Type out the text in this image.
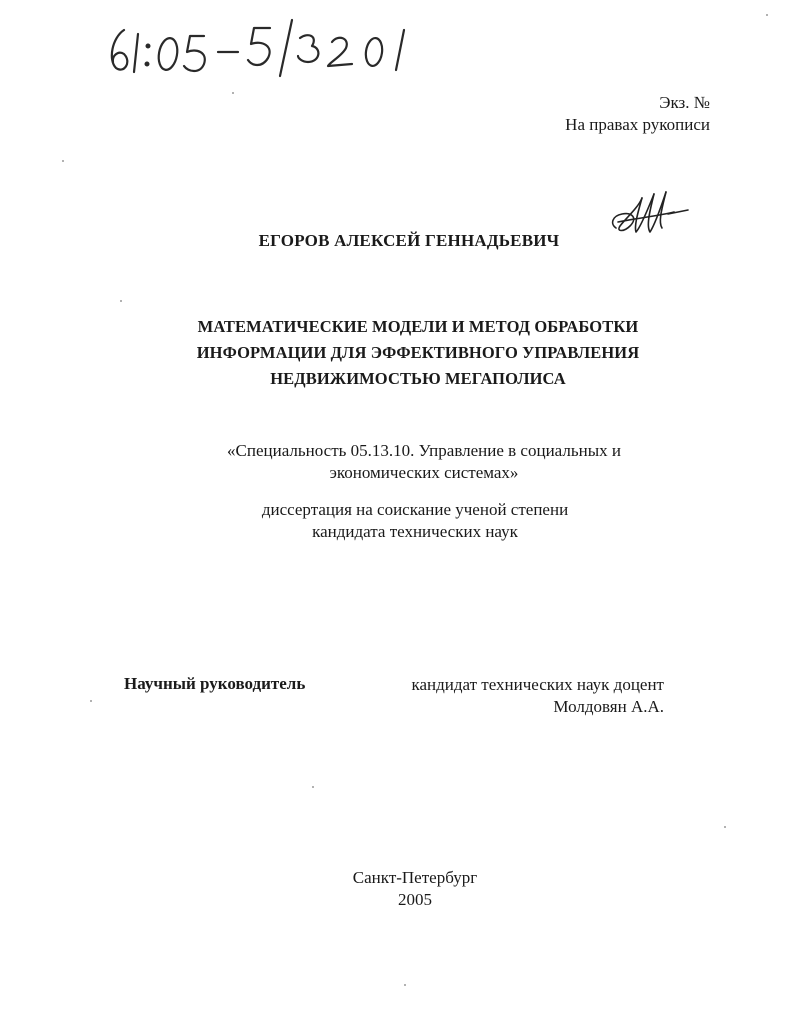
Экз. №
На правах рукописи
ЕГОРОВ АЛЕКСЕЙ ГЕННАДЬЕВИЧ
МАТЕМАТИЧЕСКИЕ МОДЕЛИ И МЕТОД ОБРАБОТКИ
ИНФОРМАЦИИ ДЛЯ ЭФФЕКТИВНОГО УПРАВЛЕНИЯ
НЕДВИЖИМОСТЬЮ МЕГАПОЛИСА
«Специальность 05.13.10. Управление в социальных и
экономических системах»
диссертация на соискание ученой степени
кандидата технических наук
Научный руководитель	кандидат технических наук доцент
Молдовян А.А.
Санкт-Петербург
2005
